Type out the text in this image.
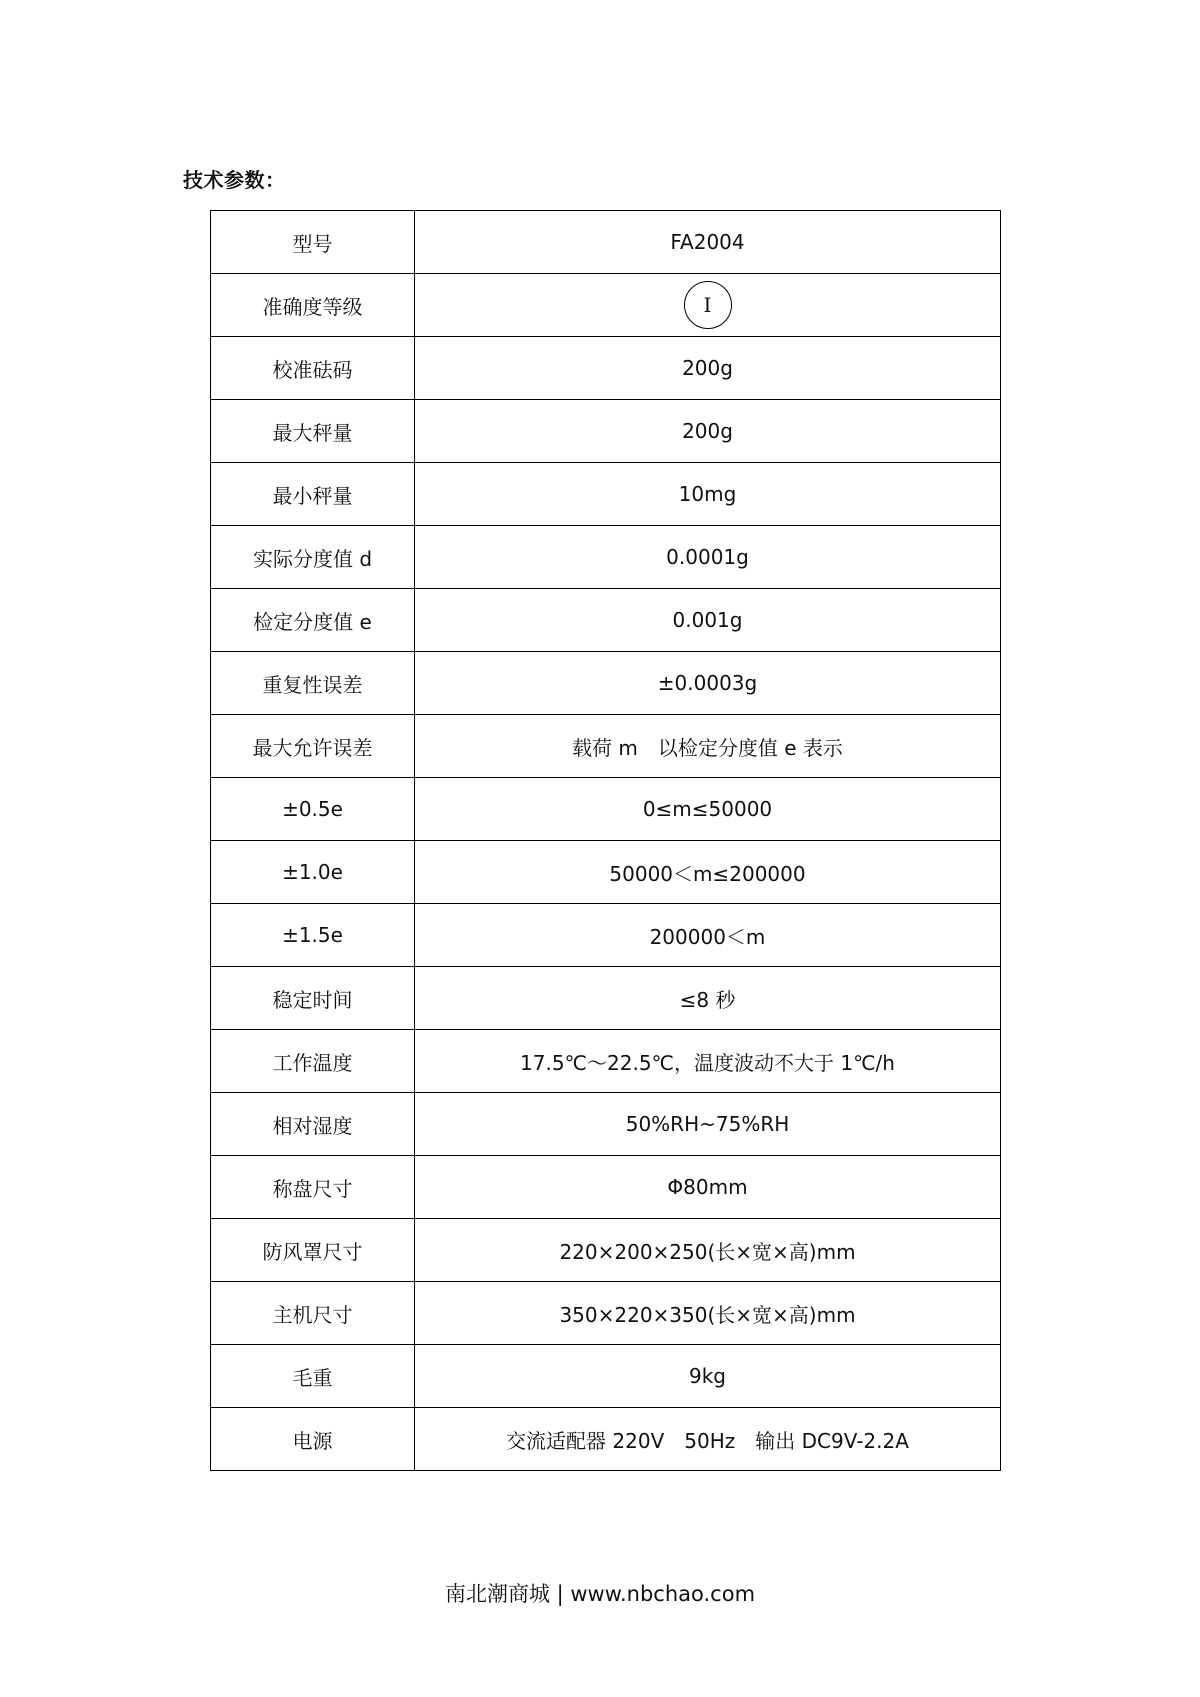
技术参数：
型号	FA2004
准确度等级	I
校准砝码	200g
最大秤量	200g
最小秤量	10mg
实际分度值 d	0.0001g
检定分度值 e	0.001g
重复性误差	±0.0003g
最大允许误差	载荷 m　以检定分度值 e 表示
±0.5e	0≤m≤50000
±1.0e	50000＜m≤200000
±1.5e	200000＜m
稳定时间	≤8 秒
工作温度	17.5℃～22.5℃，温度波动不大于 1℃/h
相对湿度	50%RH~75%RH
称盘尺寸	Φ80mm
防风罩尺寸	220×200×250(长×宽×高)mm
主机尺寸	350×220×350(长×宽×高)mm
毛重	9kg
电源	交流适配器 220V　50Hz　输出 DC9V-2.2A
南北潮商城 | www.nbchao.com
